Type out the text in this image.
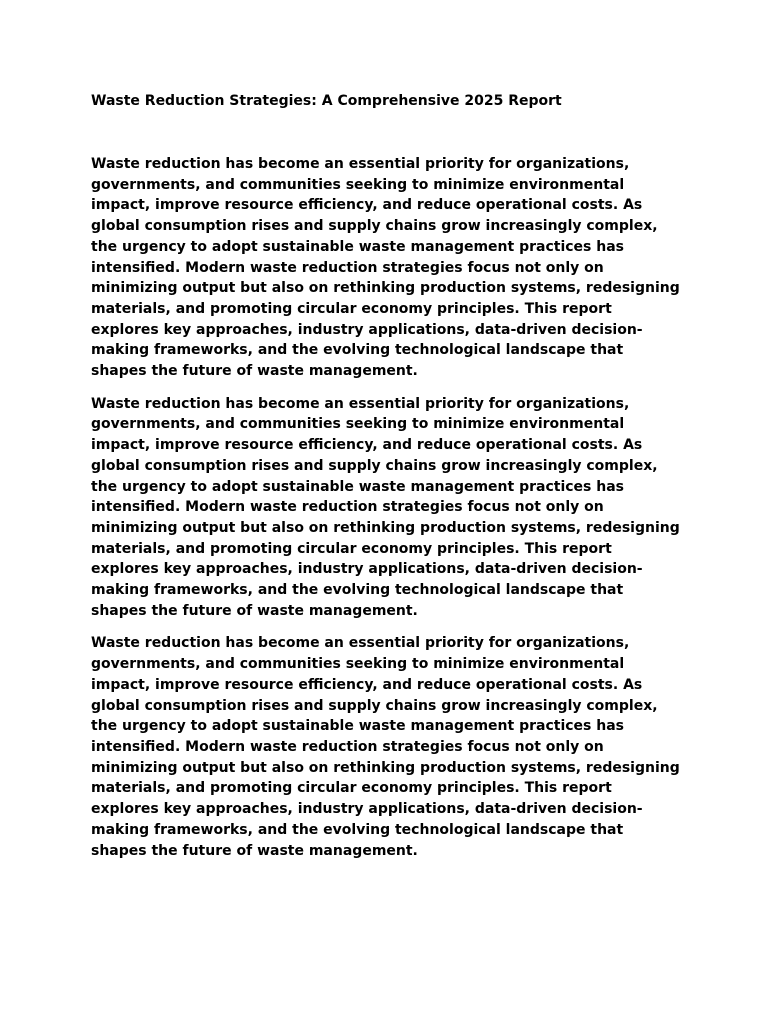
Waste Reduction Strategies: A Comprehensive 2025 Report

Waste reduction has become an essential priority for organizations, governments, and communities seeking to minimize environmental impact, improve resource efficiency, and reduce operational costs. As global consumption rises and supply chains grow increasingly complex, the urgency to adopt sustainable waste management practices has intensified. Modern waste reduction strategies focus not only on minimizing output but also on rethinking production systems, redesigning materials, and promoting circular economy principles. This report explores key approaches, industry applications, data-driven decision-making frameworks, and the evolving technological landscape that shapes the future of waste management.

Waste reduction has become an essential priority for organizations, governments, and communities seeking to minimize environmental impact, improve resource efficiency, and reduce operational costs. As global consumption rises and supply chains grow increasingly complex, the urgency to adopt sustainable waste management practices has intensified. Modern waste reduction strategies focus not only on minimizing output but also on rethinking production systems, redesigning materials, and promoting circular economy principles. This report explores key approaches, industry applications, data-driven decision-making frameworks, and the evolving technological landscape that shapes the future of waste management.

Waste reduction has become an essential priority for organizations, governments, and communities seeking to minimize environmental impact, improve resource efficiency, and reduce operational costs. As global consumption rises and supply chains grow increasingly complex, the urgency to adopt sustainable waste management practices has intensified. Modern waste reduction strategies focus not only on minimizing output but also on rethinking production systems, redesigning materials, and promoting circular economy principles. This report explores key approaches, industry applications, data-driven decision-making frameworks, and the evolving technological landscape that shapes the future of waste management.
